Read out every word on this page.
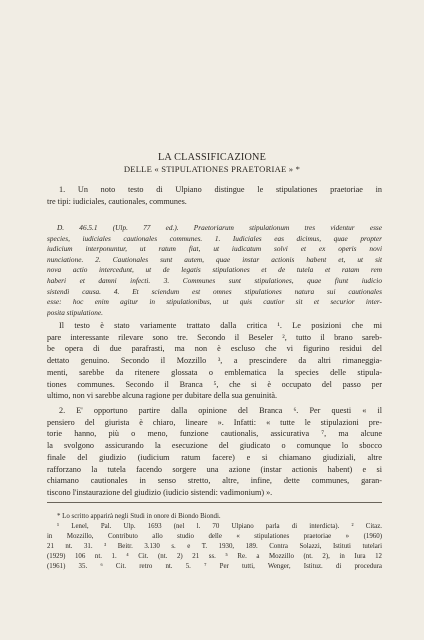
LA CLASSIFICAZIONE
DELLE « STIPULATIONES PRAETORIAE » *
1. Un noto testo di Ulpiano distingue le stipulationes praetoriae in
tre tipi: iudiciales, cautionales, communes.
D. 46.5.1 (Ulp. 77 ed.). Praetoriarum stipulationum tres videntur esse
species, iudiciales cautionales communes. 1. Iudiciales eas dicimus, quae propter
iudicium interponuntur, ut ratum fiat, ut iudicatum solvi et ex operis novi
nunciatione. 2. Cautionales sunt autem, quae instar actionis habent et, ut sit
nova actio intercedunt, ut de legatis stipulationes et de tutela et ratam rem
haberi et damni infecti. 3. Communes sunt stipulationes, quae fiunt iudicio
sistendi causa. 4. Et sciendum est omnes stipulationes natura sui cautionales
esse: hoc enim agitur in stipulationibus, ut quis cautior sit et securior inter-
posita stipulatione.
Il testo è stato variamente trattato dalla critica ¹. Le posizioni che mi
pare interessante rilevare sono tre. Secondo il Beseler ², tutto il brano sareb-
be opera di due parafrasti, ma non è escluso che vi figurino residui del
dettato genuino. Secondo il Mozzillo ³, a prescindere da altri rimaneggia-
menti, sarebbe da ritenere glossata o emblematica la species delle stipula-
tiones communes. Secondo il Branca ⁵, che si è occupato del passo per
ultimo, non vi sarebbe alcuna ragione per dubitare della sua genuinità.
2. E' opportuno partire dalla opinione del Branca ⁶. Per questi « il
pensiero del giurista è chiaro, lineare ». Infatti: « tutte le stipulazioni pre-
torie hanno, più o meno, funzione cautionalis, assicurativa ⁷, ma alcune
la svolgono assicurando la esecuzione del giudicato o comunque lo sbocco
finale del giudizio (iudicium ratum facere) e si chiamano giudiziali, altre
rafforzano la tutela facendo sorgere una azione (instar actionis habent) e si
chiamano cautionales in senso stretto, altre, infine, dette communes, garan-
tiscono l'instaurazione del giudizio (iudicio sistendi: vadimonium) ».
* Lo scritto apparirà negli Studi in onore di Biondo Biondi.
¹ Lenel, Pal. Ulp. 1693 (nel l. 70 Ulpiano parla di interdicta). ² Citaz.
in Mozzillo, Contributo allo studio delle « stipulationes praetoriae » (1960)
21 nt. 31. ³ Beitr. 3.130 s. e T. 1930, 189. Contra Solazzi, Istituti tutelari
(1929) 106 nt. 1. ⁴ Cit. (nt. 2) 21 ss. ⁵ Re. a Mozzillo (nt. 2), in Iura 12
(1961) 35. ⁶ Cit. retro nt. 5. ⁷ Per tutti, Wenger, Istituz. di procedura
